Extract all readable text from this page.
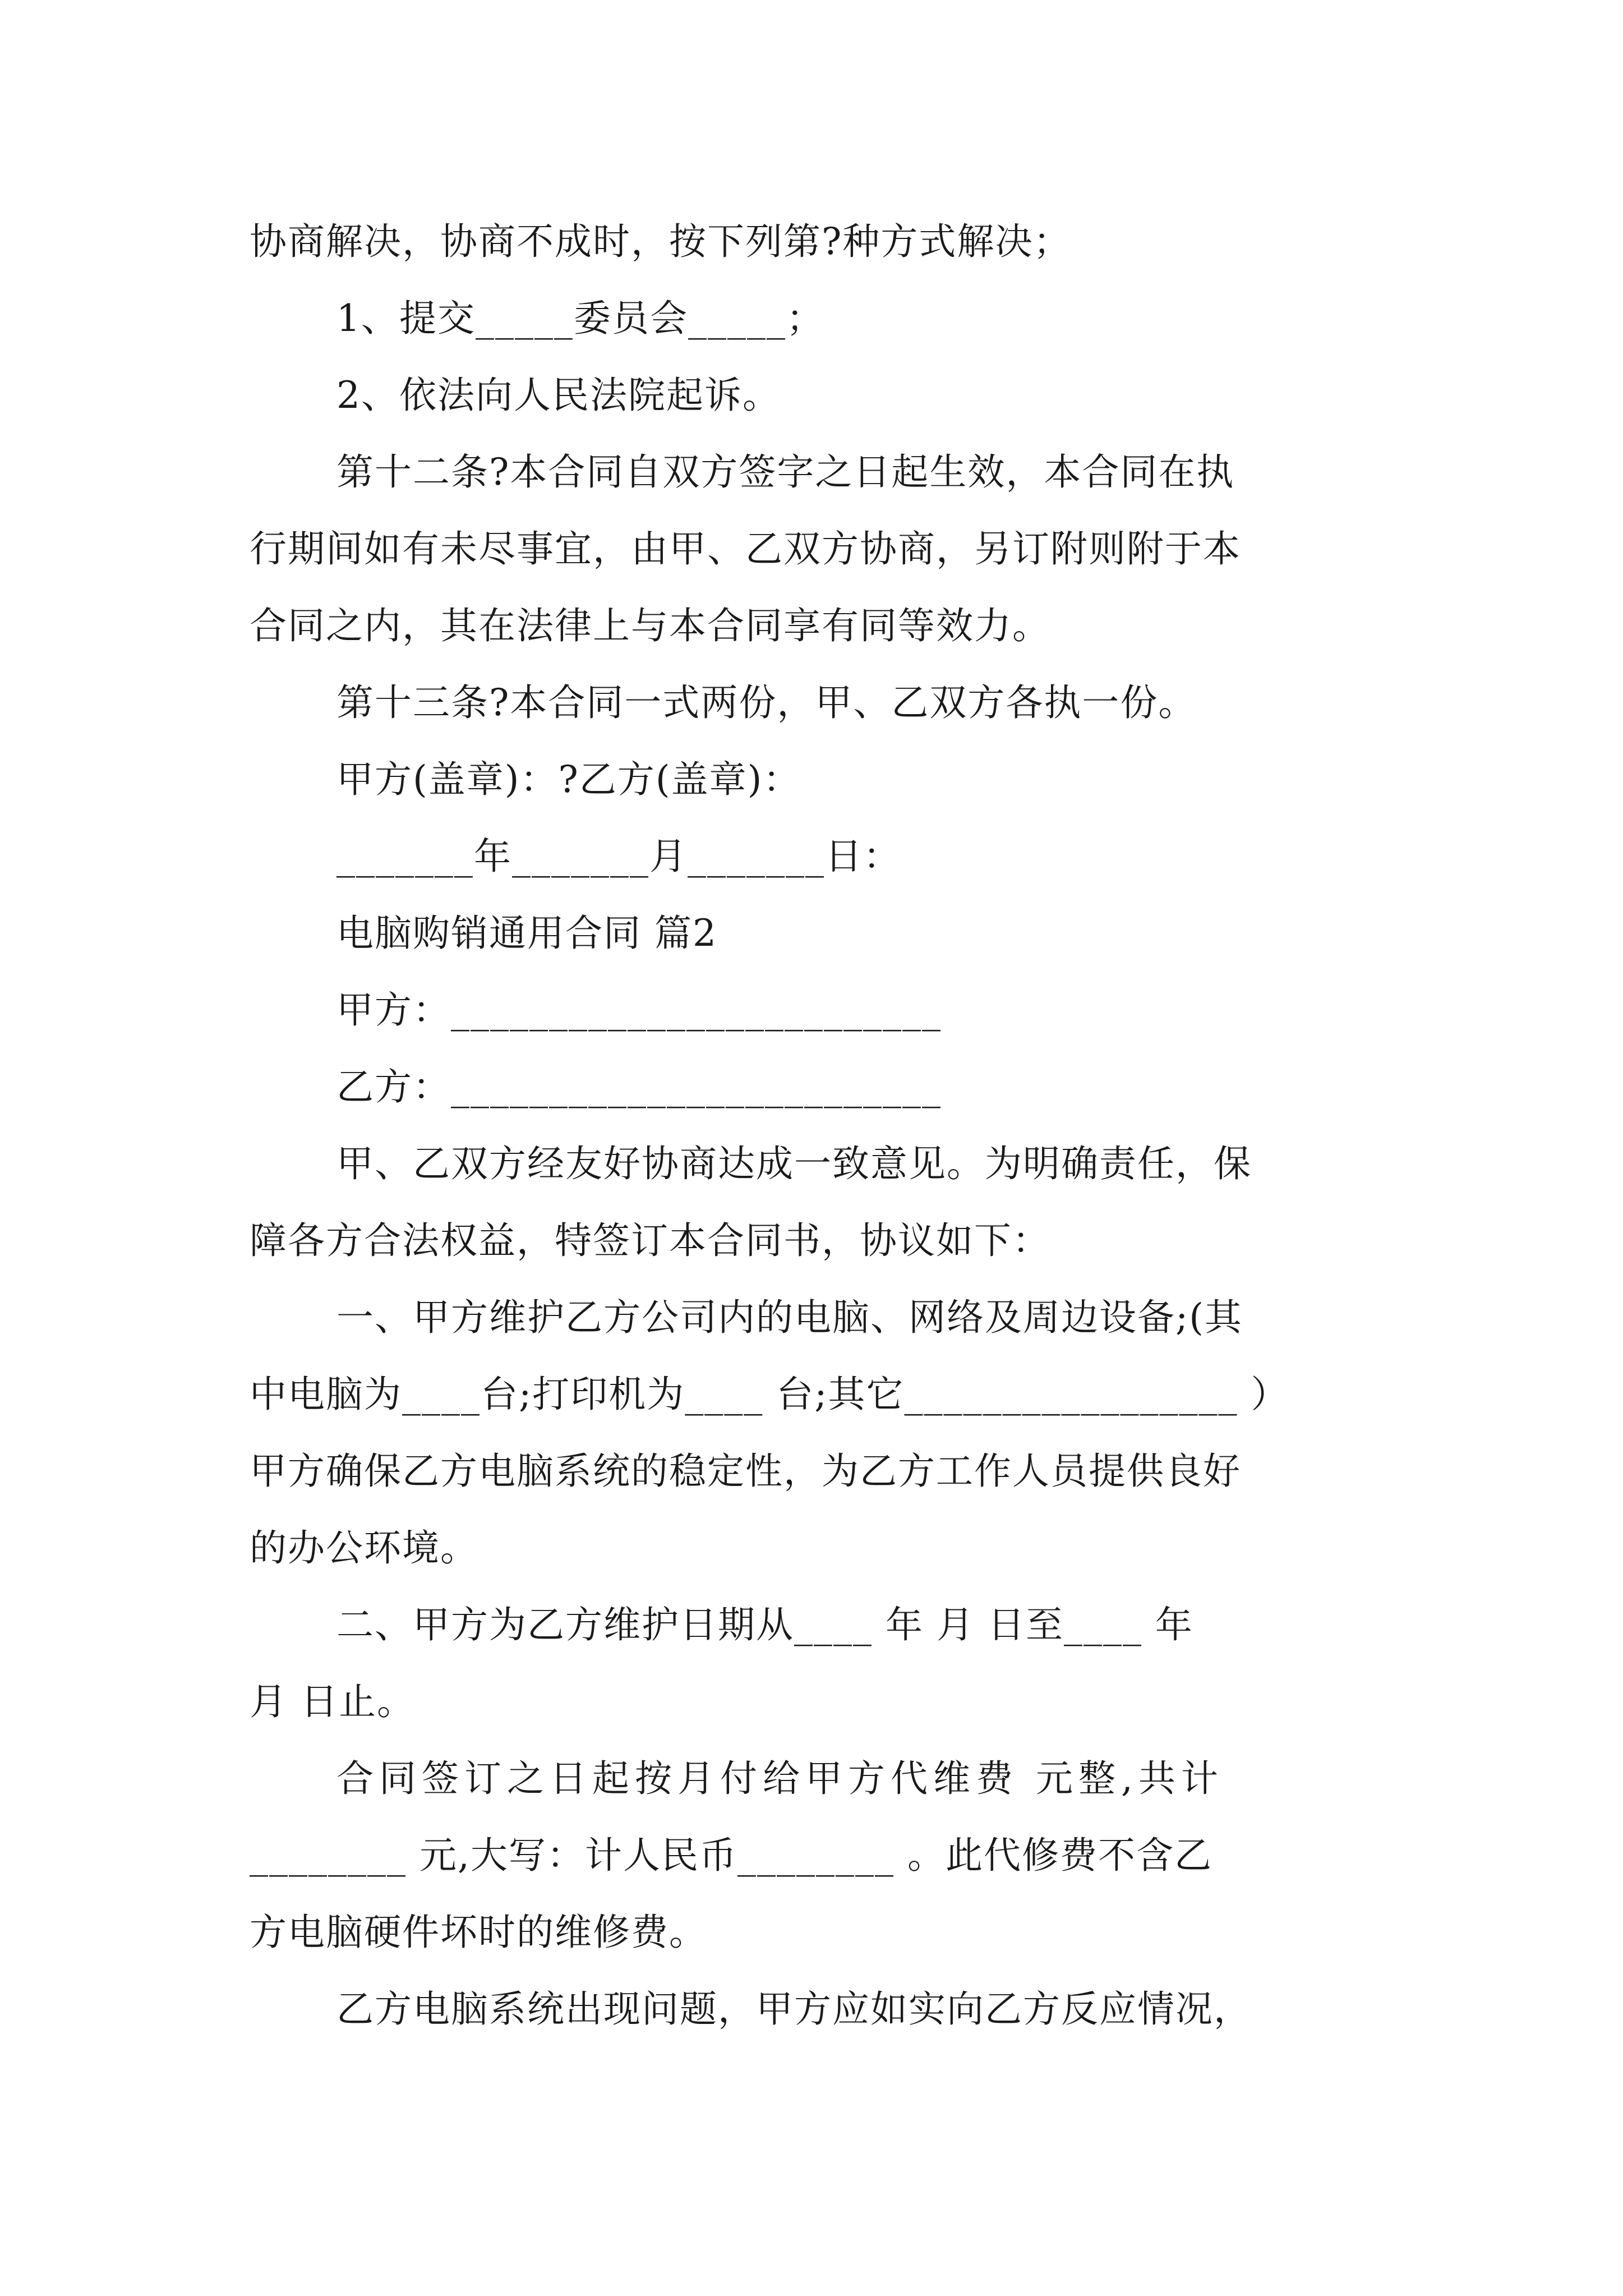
协商解决，协商不成时，按下列第?种方式解决；
1、提交_____委员会_____；
2、依法向人民法院起诉。
第十二条?本合同自双方签字之日起生效，本合同在执
行期间如有未尽事宜，由甲、乙双方协商，另订附则附于本
合同之内，其在法律上与本合同享有同等效力。
第十三条?本合同一式两份，甲、乙双方各执一份。
甲方(盖章)：?乙方(盖章)：
_______年_______月_______日：
电脑购销通用合同 篇2
甲方：_________________________
乙方：_________________________
甲、乙双方经友好协商达成一致意见。为明确责任，保
障各方合法权益，特签订本合同书，协议如下：
一、甲方维护乙方公司内的电脑、网络及周边设备;(其
中电脑为____台;打印机为____ 台;其它_________________ ）
甲方确保乙方电脑系统的稳定性，为乙方工作人员提供良好
的办公环境。
二、甲方为乙方维护日期从____ 年 月 日至____ 年
月 日止。
合同签订之日起按月付给甲方代维费 元整,共计
________ 元,大写：计人民币________ 。此代修费不含乙
方电脑硬件坏时的维修费。
乙方电脑系统出现问题，甲方应如实向乙方反应情况，
